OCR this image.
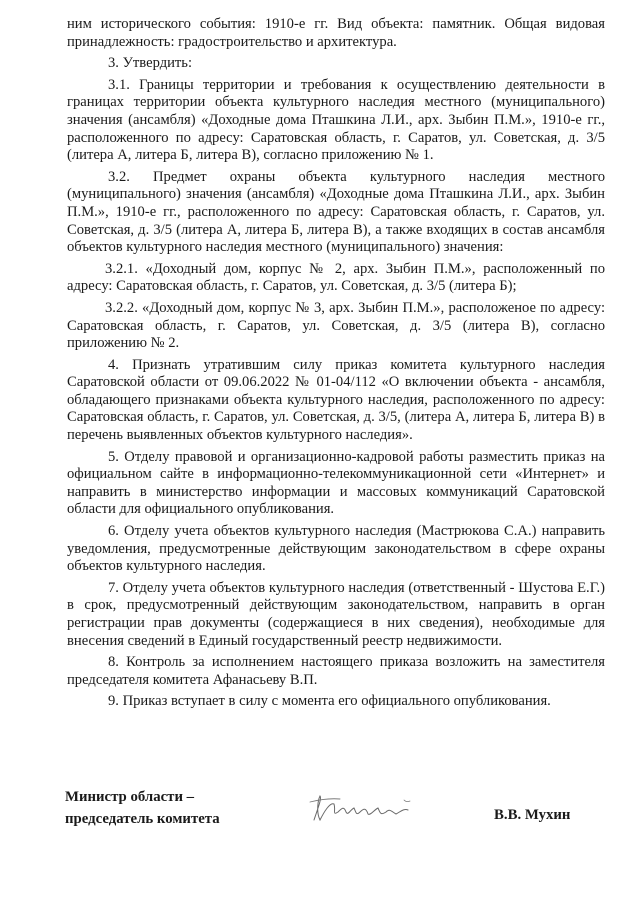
ним исторического события: 1910-е гг. Вид объекта: памятник. Общая видовая принадлежность: градостроительство и архитектура.

3. Утвердить:

3.1. Границы территории и требования к осуществлению деятельности в границах территории объекта культурного наследия местного (муниципального) значения (ансамбля) «Доходные дома Пташкина Л.И., арх. Зыбин П.М.», 1910-е гг., расположенного по адресу: Саратовская область, г. Саратов, ул. Советская, д. 3/5 (литера А, литера Б, литера В), согласно приложению № 1.

3.2. Предмет охраны объекта культурного наследия местного (муниципального) значения (ансамбля) «Доходные дома Пташкина Л.И., арх. Зыбин П.М.», 1910-е гг., расположенного по адресу: Саратовская область, г. Саратов, ул. Советская, д. 3/5 (литера А, литера Б, литера В), а также входящих в состав ансамбля объектов культурного наследия местного (муниципального) значения:

3.2.1. «Доходный дом, корпус № 2, арх. Зыбин П.М.», расположенный по адресу: Саратовская область, г. Саратов, ул. Советская, д. 3/5 (литера Б);

3.2.2. «Доходный дом, корпус № 3, арх. Зыбин П.М.», расположеное по адресу: Саратовская область, г. Саратов, ул. Советская, д. 3/5 (литера В), согласно приложению № 2.

4. Признать утратившим силу приказ комитета культурного наследия Саратовской области от 09.06.2022 № 01-04/112 «О включении объекта - ансамбля, обладающего признаками объекта культурного наследия, расположенного по адресу: Саратовская область, г. Саратов, ул. Советская, д. 3/5, (литера А, литера Б, литера В) в перечень выявленных объектов культурного наследия».

5. Отделу правовой и организационно-кадровой работы разместить приказ на официальном сайте в информационно-телекоммуникационной сети «Интернет» и направить в министерство информации и массовых коммуникаций Саратовской области для официального опубликования.

6. Отделу учета объектов культурного наследия (Мастрюкова С.А.) направить уведомления, предусмотренные действующим законодательством в сфере охраны объектов культурного наследия.

7. Отделу учета объектов культурного наследия (ответственный - Шустова Е.Г.) в срок, предусмотренный действующим законодательством, направить в орган регистрации прав документы (содержащиеся в них сведения), необходимые для внесения сведений в Единый государственный реестр недвижимости.

8. Контроль за исполнением настоящего приказа возложить на заместителя председателя комитета Афанасьеву В.П.

9. Приказ вступает в силу с момента его официального опубликования.

Министр области –
председатель комитета	В.В. Мухин
